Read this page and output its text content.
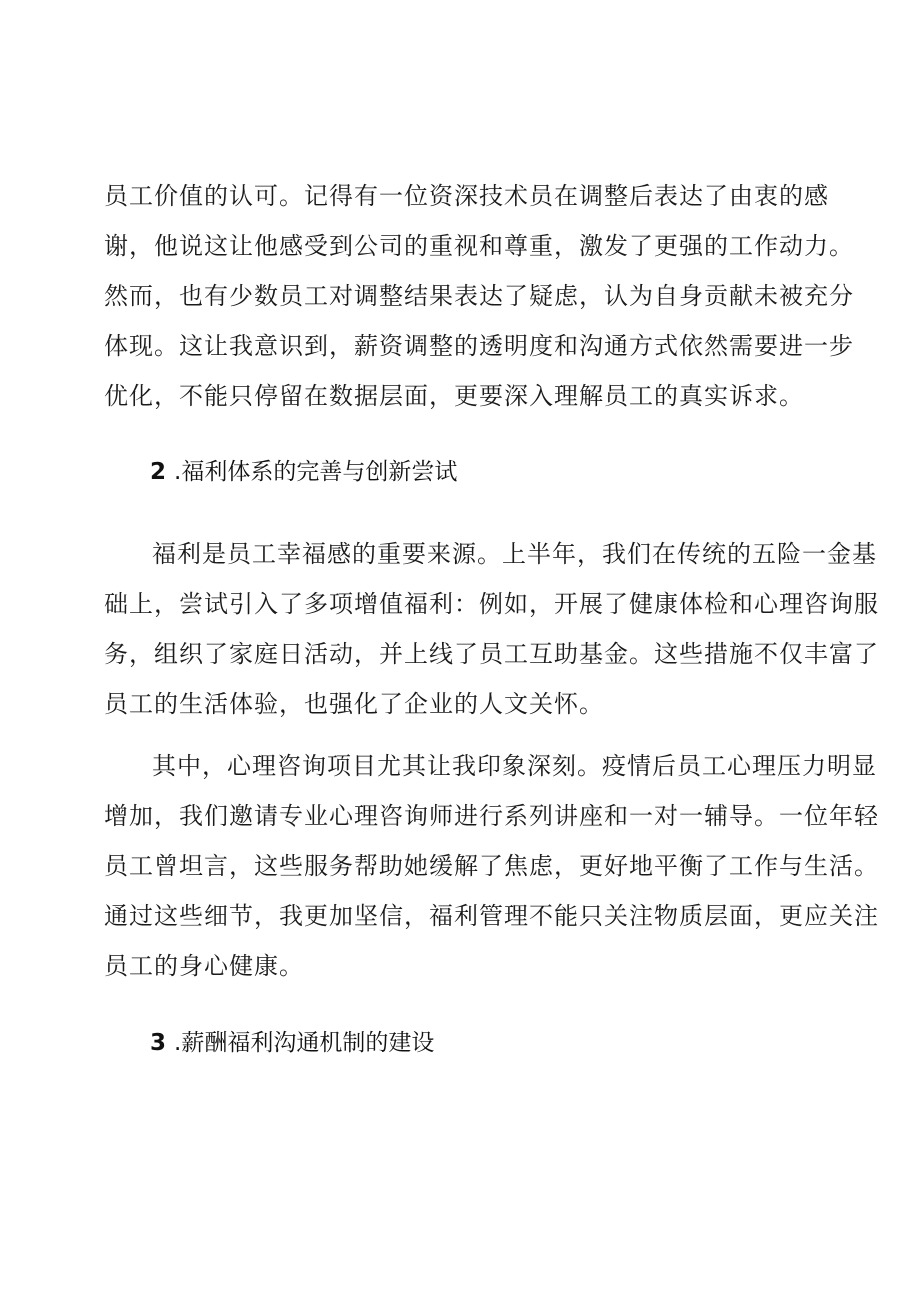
员工价值的认可。记得有一位资深技术员在调整后表达了由衷的感
谢，他说这让他感受到公司的重视和尊重，激发了更强的工作动力。
然而，也有少数员工对调整结果表达了疑虑，认为自身贡献未被充分
体现。这让我意识到，薪资调整的透明度和沟通方式依然需要进一步
优化，不能只停留在数据层面，更要深入理解员工的真实诉求。
2 .福利体系的完善与创新尝试
福利是员工幸福感的重要来源。上半年，我们在传统的五险一金基
础上，尝试引入了多项增值福利：例如，开展了健康体检和心理咨询服
务，组织了家庭日活动，并上线了员工互助基金。这些措施不仅丰富了
员工的生活体验，也强化了企业的人文关怀。
其中，心理咨询项目尤其让我印象深刻。疫情后员工心理压力明显
增加，我们邀请专业心理咨询师进行系列讲座和一对一辅导。一位年轻
员工曾坦言，这些服务帮助她缓解了焦虑，更好地平衡了工作与生活。
通过这些细节，我更加坚信，福利管理不能只关注物质层面，更应关注
员工的身心健康。
3 .薪酬福利沟通机制的建设
